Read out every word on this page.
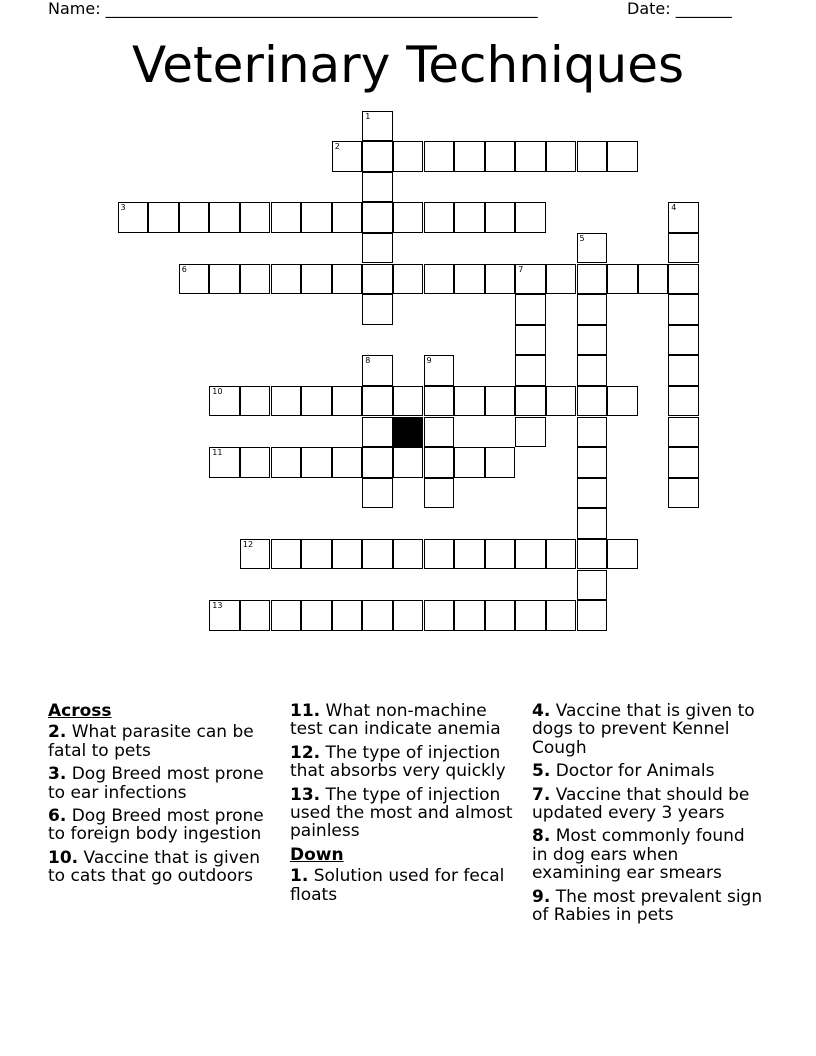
Name: ______________________________________________________	Date: _______
Veterinary Techniques
1
2
3	4
5
6	7
8	9
10
11
12
13
Across
2. What parasite can be fatal to pets
3. Dog Breed most prone to ear infections
6. Dog Breed most prone to foreign body ingestion
10. Vaccine that is given to cats that go outdoors
11. What non-machine test can indicate anemia
12. The type of injection that absorbs very quickly
13. The type of injection used the most and almost painless
Down
1. Solution used for fecal floats
4. Vaccine that is given to dogs to prevent Kennel Cough
5. Doctor for Animals
7. Vaccine that should be updated every 3 years
8. Most commonly found in dog ears when examining ear smears
9. The most prevalent sign of Rabies in pets
